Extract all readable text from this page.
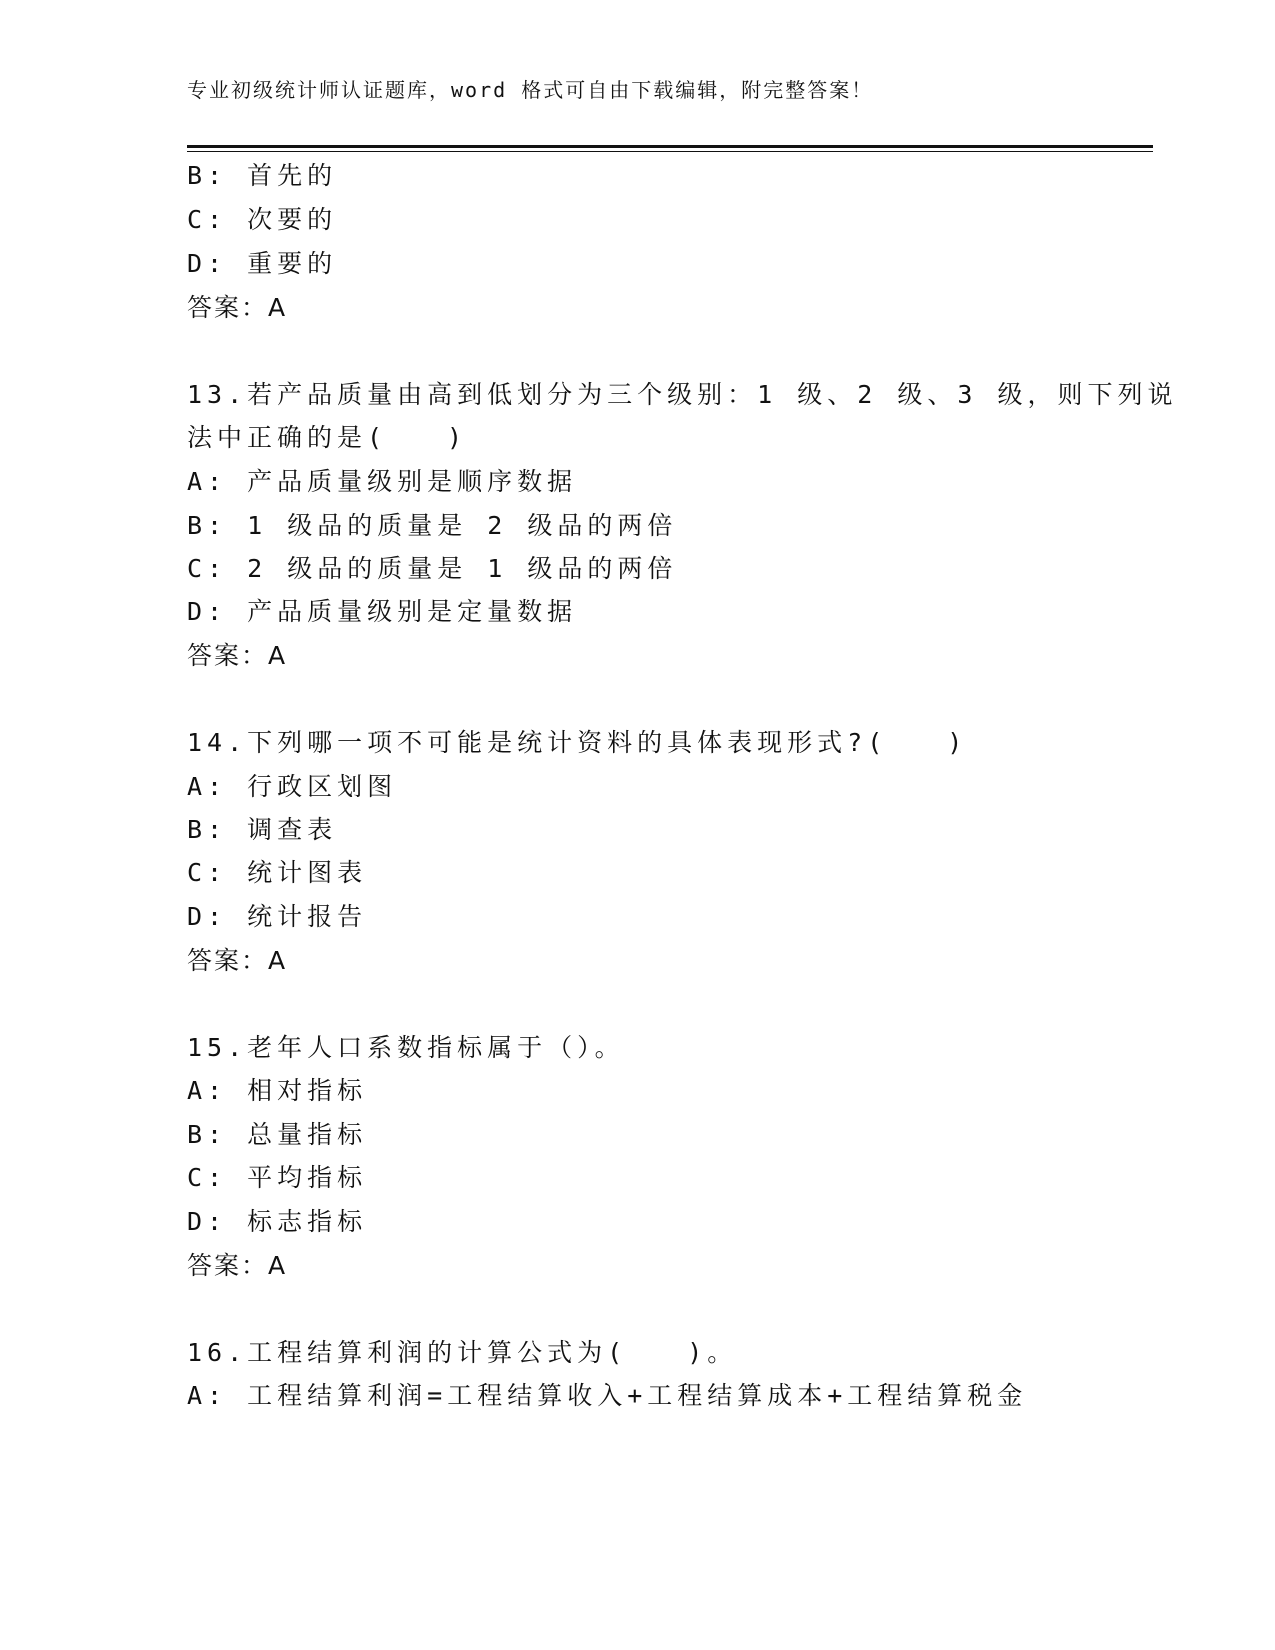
专业初级统计师认证题库，word 格式可自由下载编辑，附完整答案！
B: 首先的
C: 次要的
D: 重要的
答案：A
13.若产品质量由高到低划分为三个级别：1 级、2 级、3 级，则下列说
法中正确的是(　　)
A: 产品质量级别是顺序数据
B: 1 级品的质量是 2 级品的两倍
C: 2 级品的质量是 1 级品的两倍
D: 产品质量级别是定量数据
答案：A
14.下列哪一项不可能是统计资料的具体表现形式?(　　)
A: 行政区划图
B: 调查表
C: 统计图表
D: 统计报告
答案：A
15.老年人口系数指标属于（）。
A: 相对指标
B: 总量指标
C: 平均指标
D: 标志指标
答案：A
16.工程结算利润的计算公式为(　　)。
A: 工程结算利润=工程结算收入+工程结算成本+工程结算税金
